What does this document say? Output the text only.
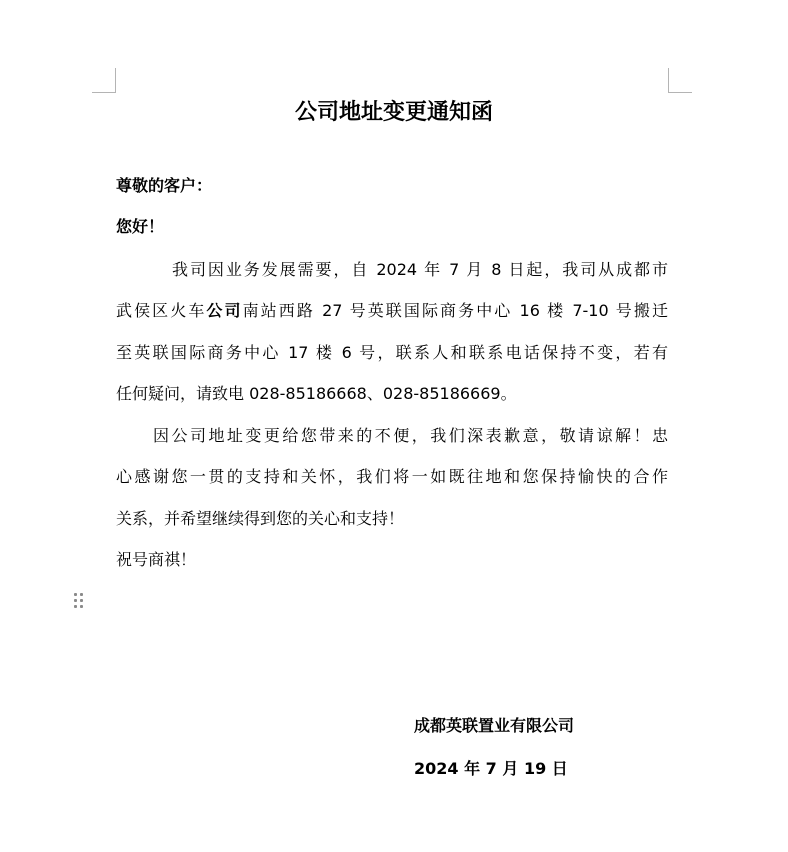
公司地址变更通知函
尊敬的客户：
您好！
我司因业务发展需要，自 2024 年 7 月 8 日起，我司从成都市
武侯区火车公司南站西路 27 号英联国际商务中心 16 楼 7-10 号搬迁
至英联国际商务中心 17 楼 6 号，联系人和联系电话保持不变，若有
任何疑问，请致电 028-85186668、028-85186669。
因公司地址变更给您带来的不便，我们深表歉意，敬请谅解！忠
心感谢您一贯的支持和关怀，我们将一如既往地和您保持愉快的合作
关系，并希望继续得到您的关心和支持！
祝号商祺！
成都英联置业有限公司
2024 年 7 月 19 日
